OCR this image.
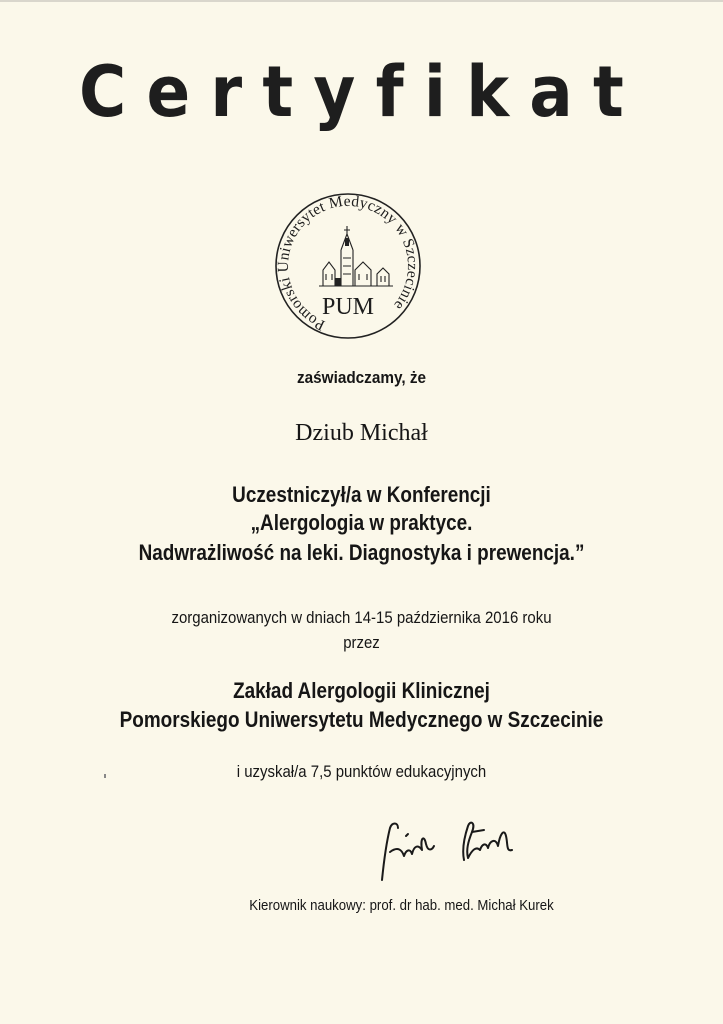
Certyfikat
Pomorski Uniwersytet Medyczny w Szczecinie
PUM
zaświadczamy, że
Dziub Michał
Uczestniczył/a w Konferencji
„Alergologia w praktyce.
Nadwrażliwość na leki. Diagnostyka i prewencja.”
zorganizowanych w dniach 14-15 października 2016 roku
przez
Zakład Alergologii Klinicznej
Pomorskiego Uniwersytetu Medycznego w Szczecinie
i uzyskał/a 7,5 punktów edukacyjnych
Kierownik naukowy: prof. dr hab. med. Michał Kurek
